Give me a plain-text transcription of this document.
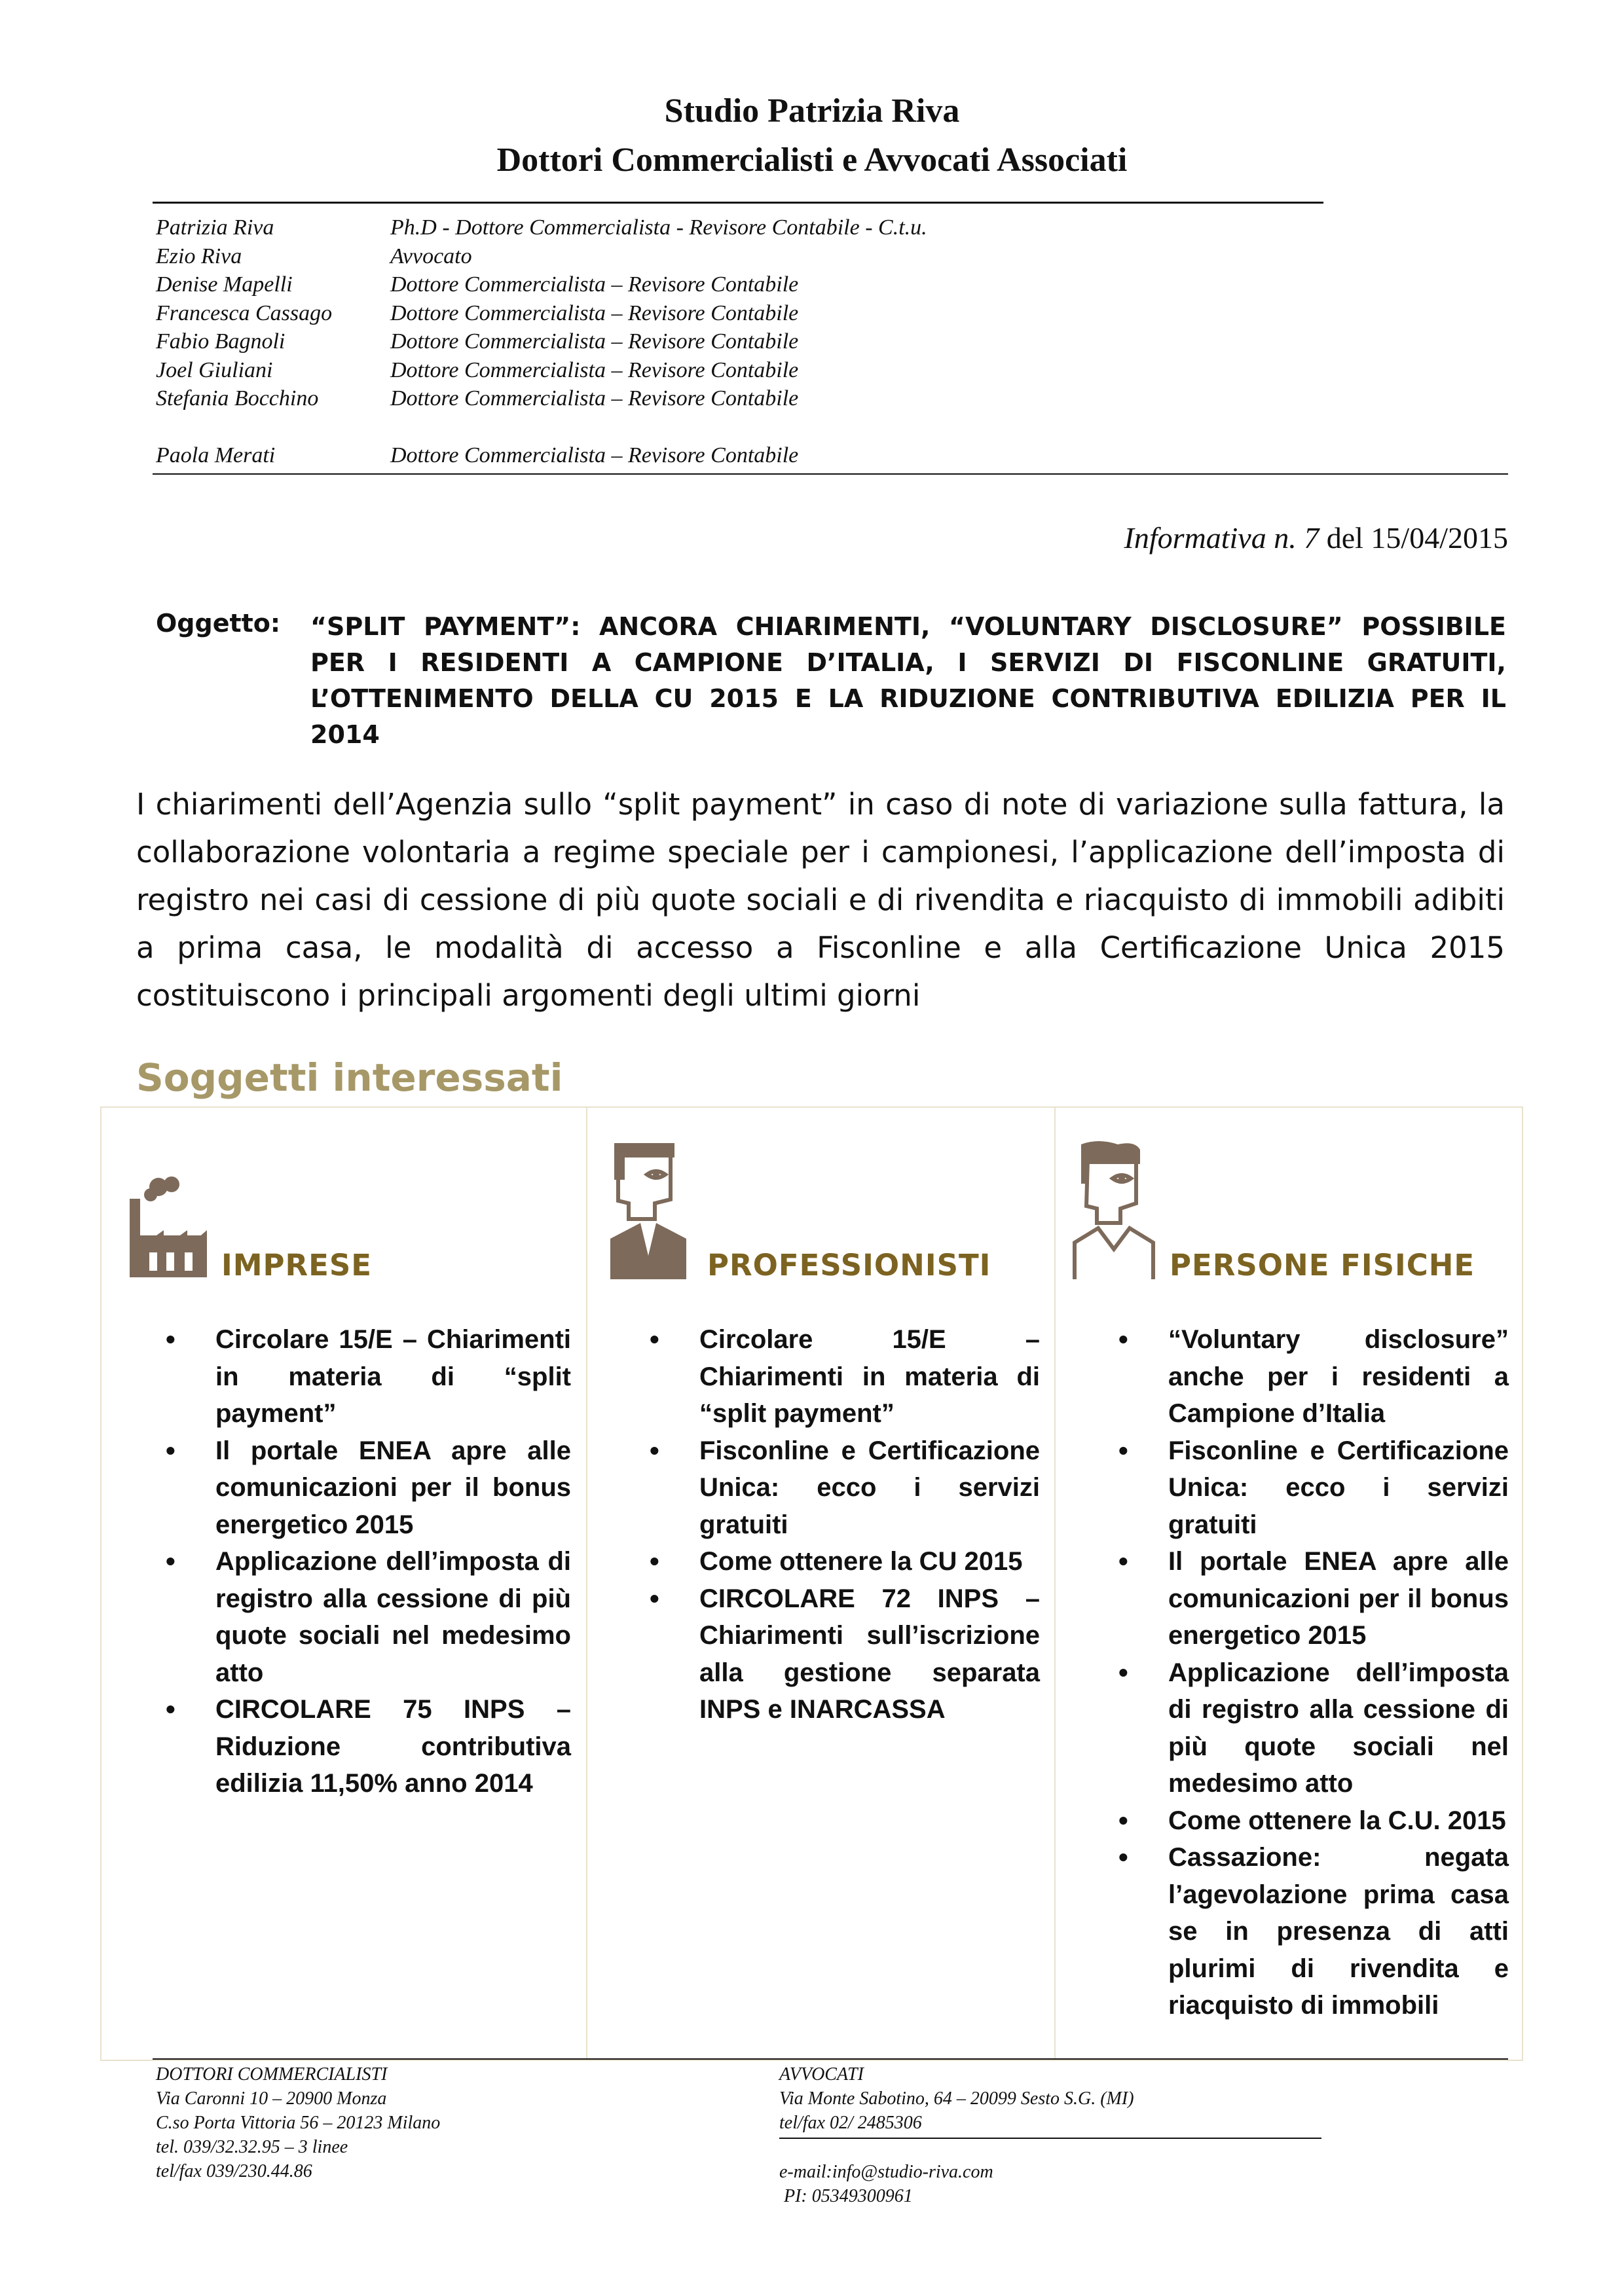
Studio Patrizia Riva
Dottori Commercialisti e Avvocati Associati
Patrizia Riva	Ph.D - Dottore Commercialista - Revisore Contabile - C.t.u.
Ezio Riva	Avvocato
Denise Mapelli	Dottore Commercialista – Revisore Contabile
Francesca Cassago	Dottore Commercialista – Revisore Contabile
Fabio Bagnoli	Dottore Commercialista – Revisore Contabile
Joel Giuliani	Dottore Commercialista – Revisore Contabile
Stefania Bocchino	Dottore Commercialista – Revisore Contabile
Paola Merati	Dottore Commercialista – Revisore Contabile
Informativa n. 7 del 15/04/2015
Oggetto: “SPLIT PAYMENT”: ANCORA CHIARIMENTI, “VOLUNTARY DISCLOSURE” POSSIBILE PER I RESIDENTI A CAMPIONE D’ITALIA, I SERVIZI DI FISCONLINE GRATUITI, L’OTTENIMENTO DELLA CU 2015 E LA RIDUZIONE CONTRIBUTIVA EDILIZIA PER IL 2014
I chiarimenti dell’Agenzia sullo “split payment” in caso di note di variazione sulla fattura, la collaborazione volontaria a regime speciale per i campionesi, l’applicazione dell’imposta di registro nei casi di cessione di più quote sociali e di rivendita e riacquisto di immobili adibiti a prima casa, le modalità di accesso a Fisconline e alla Certificazione Unica 2015 costituiscono i principali argomenti degli ultimi giorni
Soggetti interessati
IMPRESE	PROFESSIONISTI	PERSONE FISICHE
• Circolare 15/E – Chiarimenti in materia di “split payment”
• Il portale ENEA apre alle comunicazioni per il bonus energetico 2015
• Applicazione dell’imposta di registro alla cessione di più quote sociali nel medesimo atto
• CIRCOLARE 75 INPS – Riduzione contributiva edilizia 11,50% anno 2014
• Circolare 15/E – Chiarimenti in materia di “split payment”
• Fisconline e Certificazione Unica: ecco i servizi gratuiti
• Come ottenere la CU 2015
• CIRCOLARE 72 INPS – Chiarimenti sull’iscrizione alla gestione separata INPS e INARCASSA
• “Voluntary disclosure” anche per i residenti a Campione d’Italia
• Fisconline e Certificazione Unica: ecco i servizi gratuiti
• Il portale ENEA apre alle comunicazioni per il bonus energetico 2015
• Applicazione dell’imposta di registro alla cessione di più quote sociali nel medesimo atto
• Come ottenere la C.U. 2015
• Cassazione: negata l’agevolazione prima casa se in presenza di atti plurimi di rivendita e riacquisto di immobili
DOTTORI COMMERCIALISTI
Via Caronni 10 – 20900 Monza
C.so Porta Vittoria 56 – 20123 Milano
tel. 039/32.32.95 – 3 linee
tel/fax 039/230.44.86
AVVOCATI
Via Monte Sabotino, 64 – 20099 Sesto S.G. (MI)
tel/fax 02/ 2485306
e-mail:info@studio-riva.com
PI: 05349300961
